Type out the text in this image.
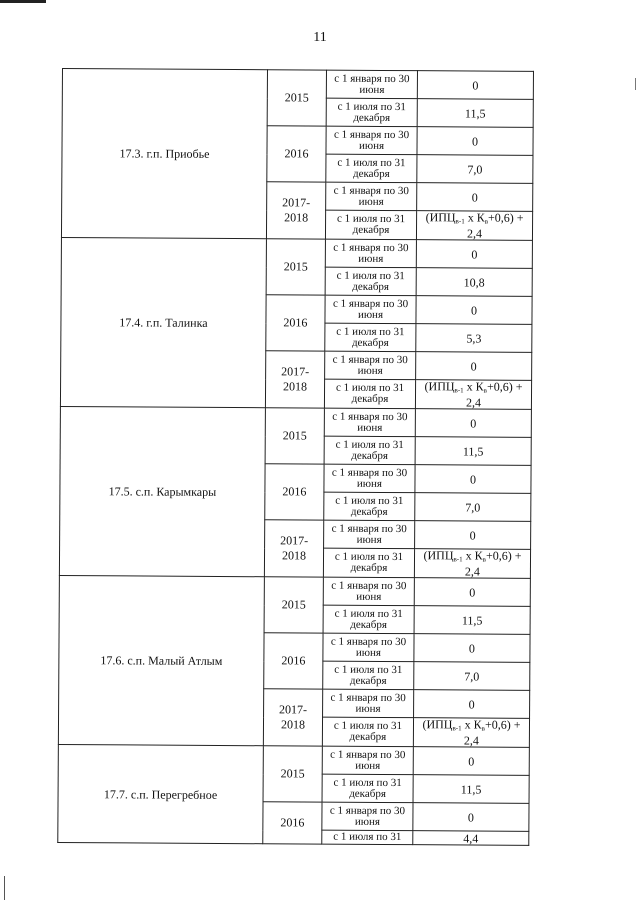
11
17.3. г.п. Приобье	2015	с 1 января по 30 июня	0
		с 1 июля по 31 декабря	11,5
	2016	с 1 января по 30 июня	0
		с 1 июля по 31 декабря	7,0
	2017-
2018	с 1 января по 30 июня	0
		с 1 июля по 31 декабря	($ИПЦ_{в-1}$ х $К_в+0,6) + 2,4$
17.4. г.п. Талинка	2015	с 1 января по 30 июня	0
		с 1 июля по 31 декабря	10,8
	2016	с 1 января по 30 июня	0
		с 1 июля по 31 декабря	5,3
	2017-
2018	с 1 января по 30 июня	0
		с 1 июля по 31 декабря	($ИПЦ_{в-1}$ х $К_в+0,6) + 2,4$
17.5. с.п. Карымкары	2015	с 1 января по 30 июня	0
		с 1 июля по 31 декабря	11,5
	2016	с 1 января по 30 июня	0
		с 1 июля по 31 декабря	7,0
	2017-
2018	с 1 января по 30 июня	0
		с 1 июля по 31 декабря	($ИПЦ_{в-1}$ х $К_в+0,6) + 2,4$
17.6. с.п. Малый Атлым	2015	с 1 января по 30 июня	0
		с 1 июля по 31 декабря	11,5
	2016	с 1 января по 30 июня	0
		с 1 июля по 31 декабря	7,0
	2017-
2018	с 1 января по 30 июня	0
		с 1 июля по 31 декабря	($ИПЦ_{в-1}$ х $К_в+0,6) + 2,4$
17.7. с.п. Перегребное	2015	с 1 января по 30 июня	0
		с 1 июля по 31 декабря	11,5
	2016	с 1 января по 30 июня	0
		с 1 июля по 31	4,4
